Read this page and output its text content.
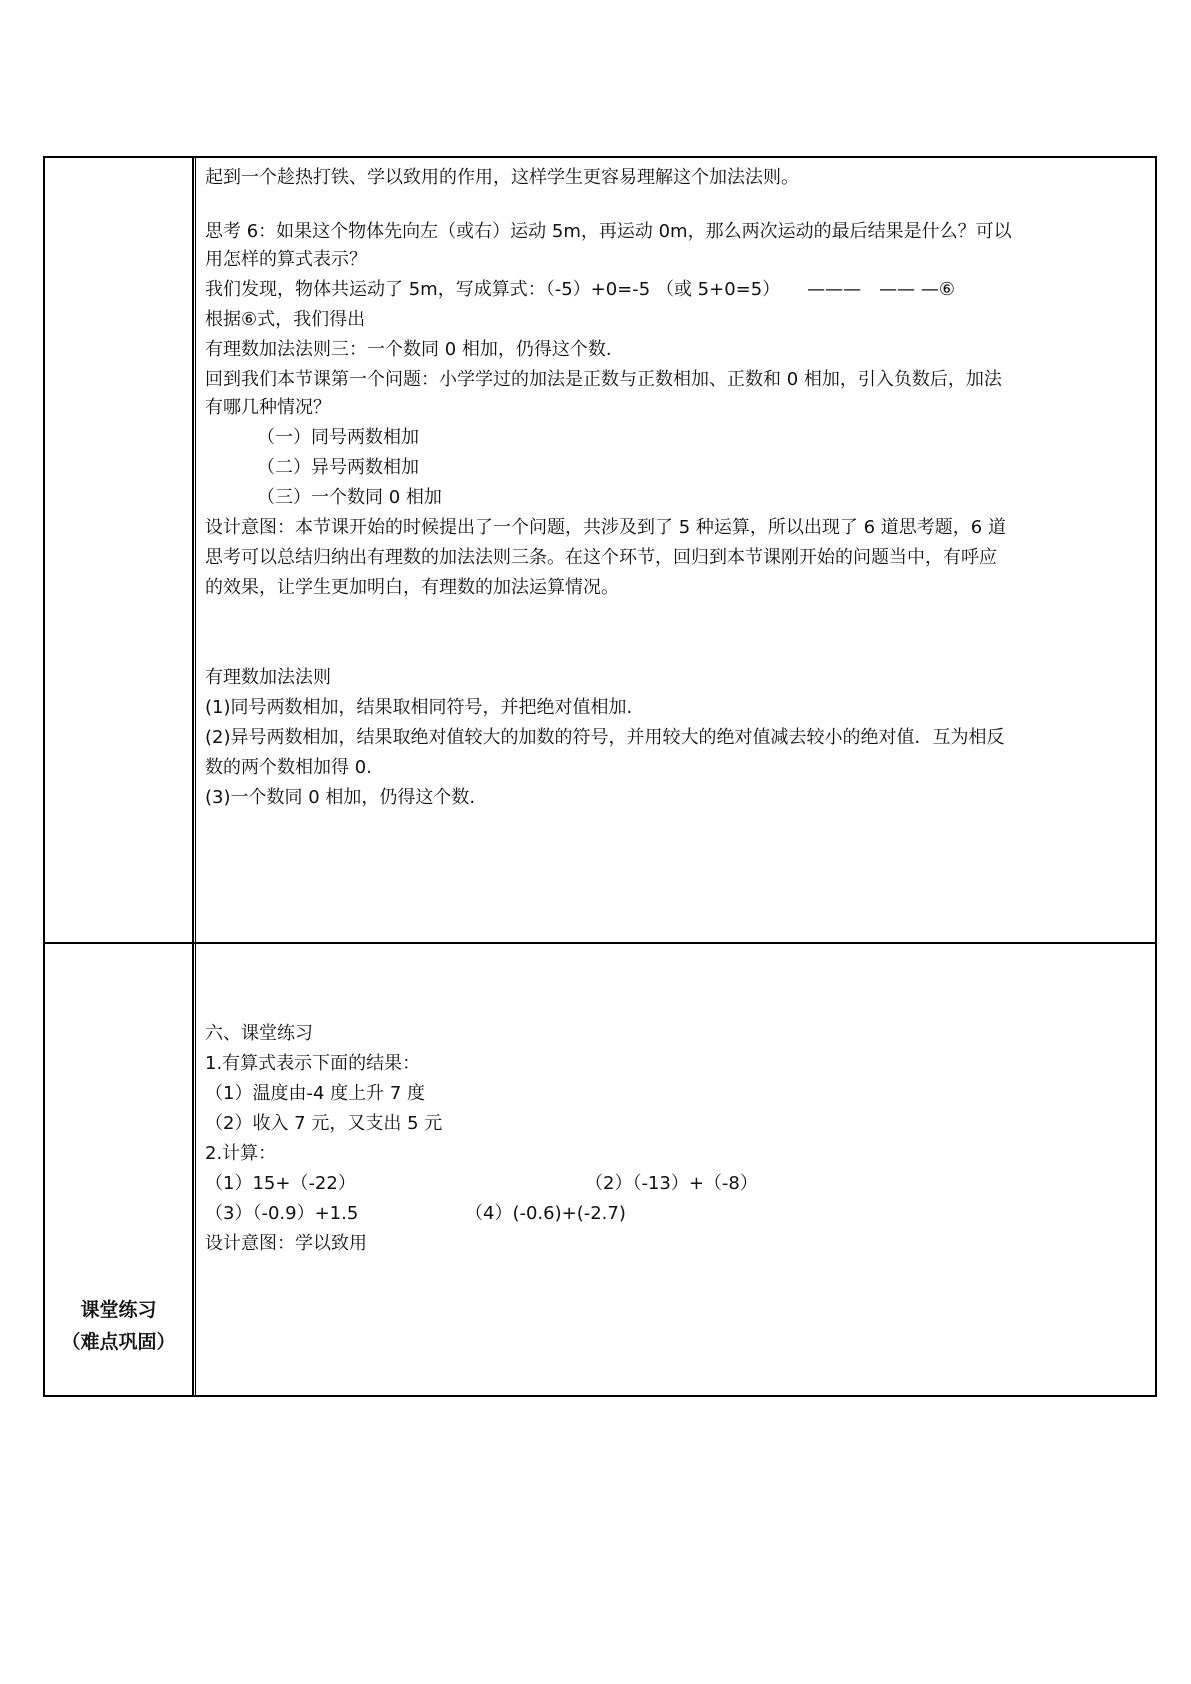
起到一个趁热打铁、学以致用的作用，这样学生更容易理解这个加法法则。
思考 6：如果这个物体先向左（或右）运动 5m，再运动 0m，那么两次运动的最后结果是什么？可以
用怎样的算式表示？
我们发现，物体共运动了 5m，写成算式：（-5）+0=-5 （或 5+0=5）　　———　—— —⑥
根据⑥式，我们得出
有理数加法法则三：一个数同 0 相加，仍得这个数.
回到我们本节课第一个问题：小学学过的加法是正数与正数相加、正数和 0 相加，引入负数后，加法
有哪几种情况？
（一）同号两数相加
（二）异号两数相加
（三）一个数同 0 相加
设计意图：本节课开始的时候提出了一个问题，共涉及到了 5 种运算，所以出现了 6 道思考题，6 道
思考可以总结归纳出有理数的加法法则三条。在这个环节，回归到本节课刚开始的问题当中，有呼应
的效果，让学生更加明白，有理数的加法运算情况。
有理数加法法则
(1)同号两数相加，结果取相同符号，并把绝对值相加.
(2)异号两数相加，结果取绝对值较大的加数的符号，并用较大的绝对值减去较小的绝对值．互为相反
数的两个数相加得 0.
(3)一个数同 0 相加，仍得这个数.
课堂练习
（难点巩固）
六、课堂练习
1.有算式表示下面的结果：
（1）温度由-4 度上升 7 度
（2）收入 7 元，又支出 5 元
2.计算：
（1）15+（-22）	（2）（-13）+（-8）
（3）（-0.9）+1.5	（4）(-0.6)+(-2.7)
设计意图：学以致用
